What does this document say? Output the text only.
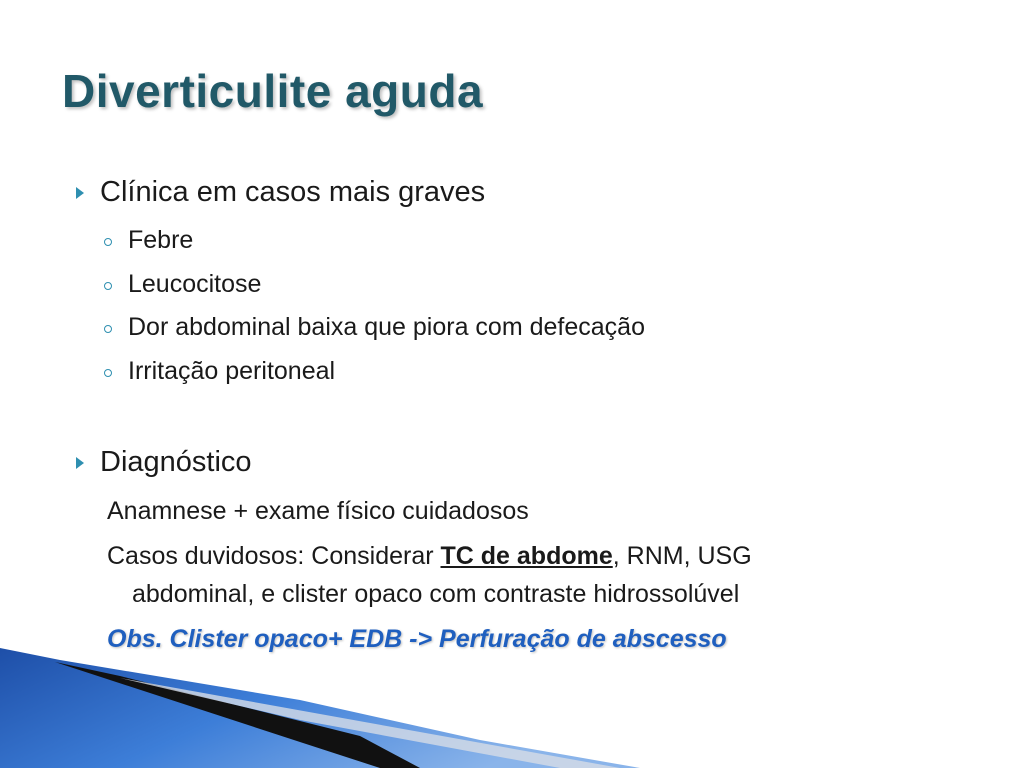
Diverticulite aguda
Clínica em casos mais graves
Febre
Leucocitose
Dor abdominal baixa que piora com defecação
Irritação peritoneal
Diagnóstico
Anamnese + exame físico cuidadosos
Casos duvidosos: Considerar TC de abdome, RNM, USG
abdominal, e clister opaco com contraste hidrossolúvel
Obs. Clister opaco+ EDB -> Perfuração de abscesso
